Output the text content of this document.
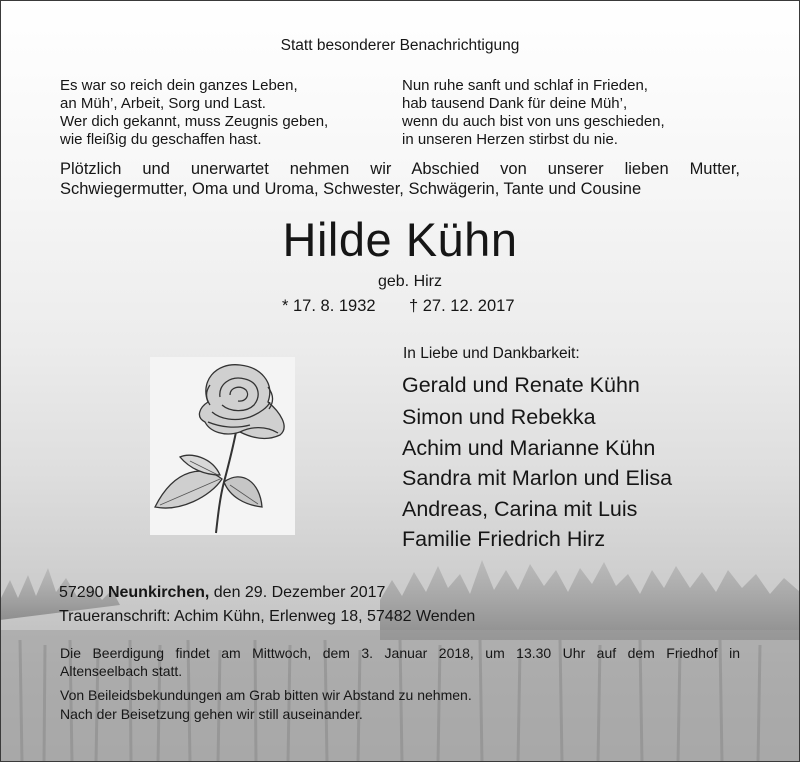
Statt besonderer Benachrichtigung
Es war so reich dein ganzes Leben,
an Müh’, Arbeit, Sorg und Last.
Wer dich gekannt, muss Zeugnis geben,
wie fleißig du geschaffen hast.
Nun ruhe sanft und schlaf in Frieden,
hab tausend Dank für deine Müh’,
wenn du auch bist von uns geschieden,
in unseren Herzen stirbst du nie.
Plötzlich und unerwartet nehmen wir Abschied von unserer lieben Mutter,
Schwiegermutter, Oma und Uroma, Schwester, Schwägerin, Tante und Cousine
Hilde Kühn
geb. Hirz
* 17. 8. 1932 † 27. 12. 2017
In Liebe und Dankbarkeit:
Gerald und Renate Kühn
Simon und Rebekka
Achim und Marianne Kühn
Sandra mit Marlon und Elisa
Andreas, Carina mit Luis
Familie Friedrich Hirz
57290 Neunkirchen, den 29. Dezember 2017
Traueranschrift: Achim Kühn, Erlenweg 18, 57482 Wenden
Die Beerdigung findet am Mittwoch, dem 3. Januar 2018, um 13.30 Uhr auf dem Friedhof in
Altenseelbach statt.
Von Beileidsbekundungen am Grab bitten wir Abstand zu nehmen.
Nach der Beisetzung gehen wir still auseinander.
